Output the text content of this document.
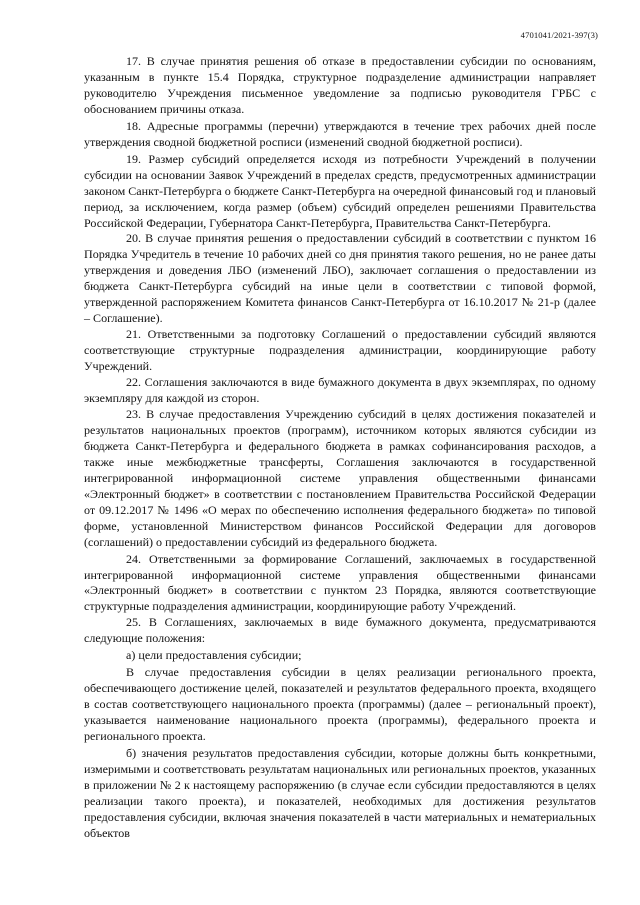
4701041/2021-397(3)

17. В случае принятия решения об отказе в предоставлении субсидии по основаниям, указанным в пункте 15.4 Порядка, структурное подразделение администрации направляет руководителю Учреждения письменное уведомление за подписью руководителя ГРБС с обоснованием причины отказа.

18. Адресные программы (перечни) утверждаются в течение трех рабочих дней после утверждения сводной бюджетной росписи (изменений сводной бюджетной росписи).

19. Размер субсидий определяется исходя из потребности Учреждений в получении субсидии на основании Заявок Учреждений в пределах средств, предусмотренных администрации законом Санкт-Петербурга о бюджете Санкт-Петербурга на очередной финансовый год и плановый период, за исключением, когда размер (объем) субсидий определен решениями Правительства Российской Федерации, Губернатора Санкт-Петербурга, Правительства Санкт-Петербурга.

20. В случае принятия решения о предоставлении субсидий в соответствии с пунктом 16 Порядка Учредитель в течение 10 рабочих дней со дня принятия такого решения, но не ранее даты утверждения и доведения ЛБО (изменений ЛБО), заключает соглашения о предоставлении из бюджета Санкт-Петербурга субсидий на иные цели в соответствии с типовой формой, утвержденной распоряжением Комитета финансов Санкт-Петербурга от 16.10.2017 № 21-р (далее – Соглашение).

21. Ответственными за подготовку Соглашений о предоставлении субсидий являются соответствующие структурные подразделения администрации, координирующие работу Учреждений.

22. Соглашения заключаются в виде бумажного документа в двух экземплярах, по одному экземпляру для каждой из сторон.

23. В случае предоставления Учреждению субсидий в целях достижения показателей и результатов национальных проектов (программ), источником которых являются субсидии из бюджета Санкт-Петербурга и федерального бюджета в рамках софинансирования расходов, а также иные межбюджетные трансферты, Соглашения заключаются в государственной интегрированной информационной системе управления общественными финансами «Электронный бюджет» в соответствии с постановлением Правительства Российской Федерации от 09.12.2017 № 1496 «О мерах по обеспечению исполнения федерального бюджета» по типовой форме, установленной Министерством финансов Российской Федерации для договоров (соглашений) о предоставлении субсидий из федерального бюджета.

24. Ответственными за формирование Соглашений, заключаемых в государственной интегрированной информационной системе управления общественными финансами «Электронный бюджет» в соответствии с пунктом 23 Порядка, являются соответствующие структурные подразделения администрации, координирующие работу Учреждений.

25. В Соглашениях, заключаемых в виде бумажного документа, предусматриваются следующие положения:

а) цели предоставления субсидии;

В случае предоставления субсидии в целях реализации регионального проекта, обеспечивающего достижение целей, показателей и результатов федерального проекта, входящего в состав соответствующего национального проекта (программы) (далее – региональный проект), указывается наименование национального проекта (программы), федерального проекта и регионального проекта.

б) значения результатов предоставления субсидии, которые должны быть конкретными, измеримыми и соответствовать результатам национальных или региональных проектов, указанных в приложении № 2 к настоящему распоряжению (в случае если субсидии предоставляются в целях реализации такого проекта), и показателей, необходимых для достижения результатов предоставления субсидии, включая значения показателей в части материальных и нематериальных объектов
